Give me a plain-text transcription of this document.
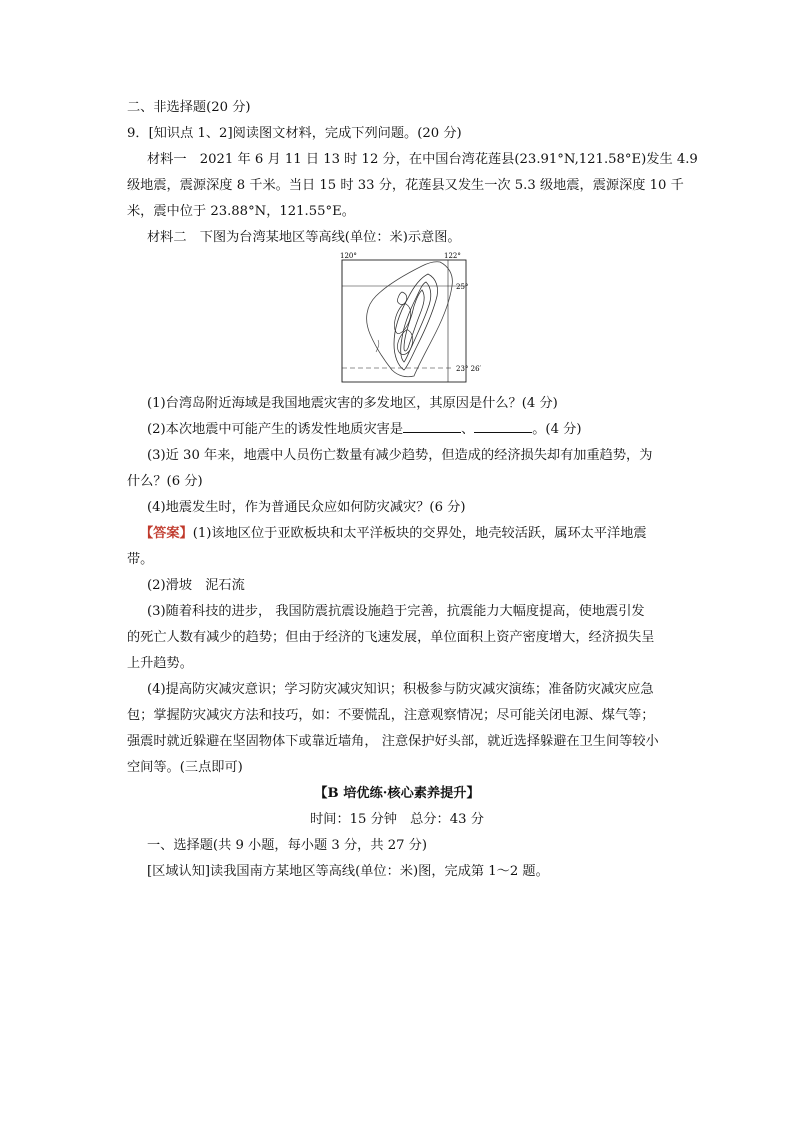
二、非选择题(20 分)
9．[知识点 1、2]阅读图文材料，完成下列问题。(20 分)
材料一　2021 年 6 月 11 日 13 时 12 分，在中国台湾花莲县(23.91°N,121.58°E)发生 4.9
级地震，震源深度 8 千米。当日 15 时 33 分，花莲县又发生一次 5.3 级地震，震源深度 10 千
米，震中位于 23.88°N，121.55°E。
材料二　下图为台湾某地区等高线(单位：米)示意图。
120°	122°
25°
23° 26′
(1)台湾岛附近海域是我国地震灾害的多发地区，其原因是什么？(4 分)
(2)本次地震中可能产生的诱发性地质灾害是	、	。(4 分)
(3)近 30 年来，地震中人员伤亡数量有减少趋势，但造成的经济损失却有加重趋势，为
什么？(6 分)
(4)地震发生时，作为普通民众应如何防灾减灾？(6 分)
【答案】(1)该地区位于亚欧板块和太平洋板块的交界处，地壳较活跃，属环太平洋地震
带。
(2)滑坡　泥石流
(3)随着科技的进步， 我国防震抗震设施趋于完善，抗震能力大幅度提高，使地震引发
的死亡人数有减少的趋势；但由于经济的飞速发展，单位面积上资产密度增大，经济损失呈
上升趋势。
(4)提高防灾减灾意识；学习防灾减灾知识；积极参与防灾减灾演练；准备防灾减灾应急
包；掌握防灾减灾方法和技巧，如：不要慌乱，注意观察情况；尽可能关闭电源、煤气等；
强震时就近躲避在坚固物体下或靠近墙角， 注意保护好头部，就近选择躲避在卫生间等较小
空间等。(三点即可)
【B 培优练·核心素养提升】
时间：15 分钟　总分：43 分
一、选择题(共 9 小题，每小题 3 分，共 27 分)
[区域认知]读我国南方某地区等高线(单位：米)图，完成第 1～2 题。
